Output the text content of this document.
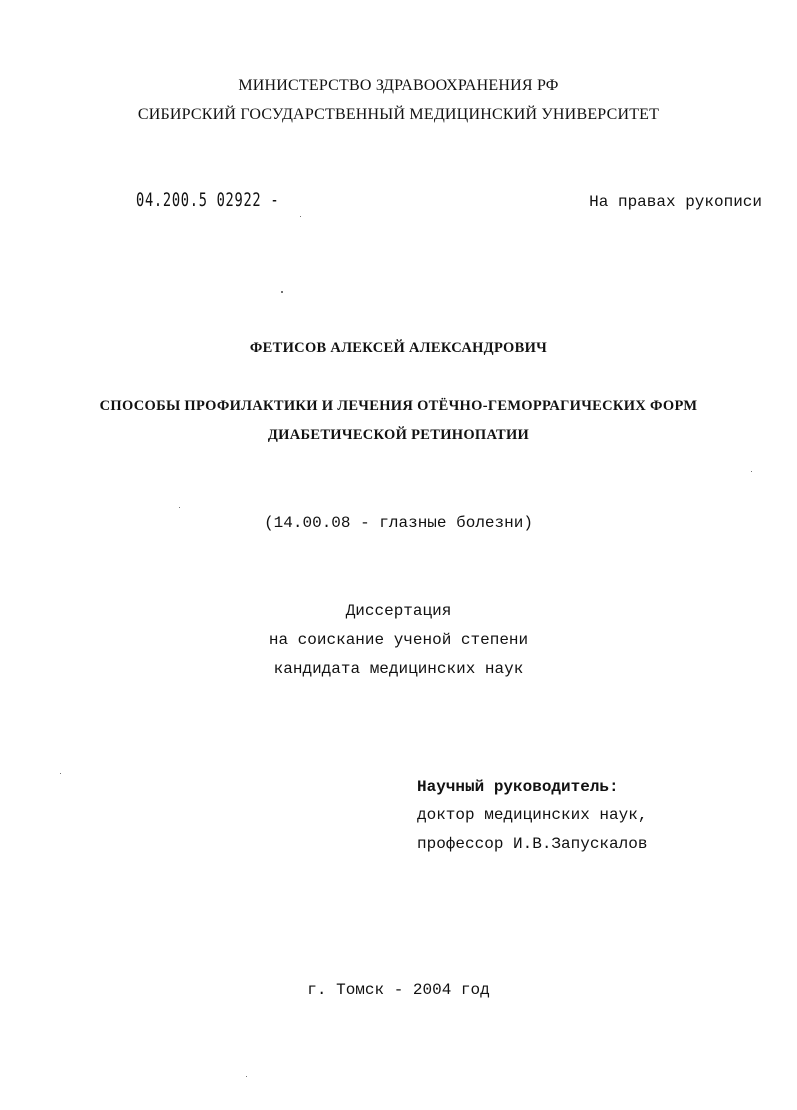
МИНИСТЕРСТВО ЗДРАВООХРАНЕНИЯ РФ
СИБИРСКИЙ ГОСУДАРСТВЕННЫЙ МЕДИЦИНСКИЙ УНИВЕРСИТЕТ
04.200.5 02922 -	На правах рукописи
ФЕТИСОВ АЛЕКСЕЙ АЛЕКСАНДРОВИЧ
СПОСОБЫ ПРОФИЛАКТИКИ И ЛЕЧЕНИЯ ОТЁЧНО-ГЕМОРРАГИЧЕСКИХ ФОРМ
ДИАБЕТИЧЕСКОЙ РЕТИНОПАТИИ
(14.00.08 - глазные болезни)
Диссертация
на соискание ученой степени
кандидата медицинских наук
Научный руководитель:
доктор медицинских наук,
профессор И.В.Запускалов
г. Томск - 2004 год
